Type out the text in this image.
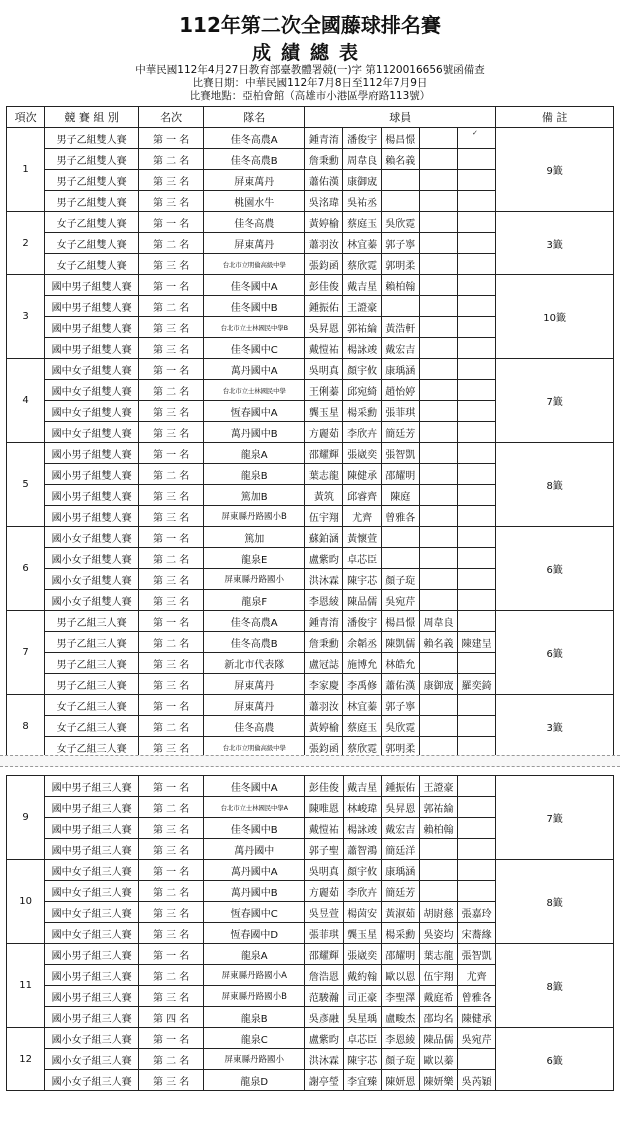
112年第二次全國藤球排名賽
成績總表
中華民國112年4月27日教育部臺教體署競(一)字 第1120016656號函備查
比賽日期：中華民國112年7月8日至112年7月9日
比賽地點：亞柏會館（高雄市小港區學府路113號）
✓
項次	競 賽 組 別	名次	隊名	球員					備 註
1	男子乙組雙人賽	第 一 名	佳冬高農A	鍾青淯	潘俊宇	楊昌憬			9籤
	男子乙組雙人賽	第 二 名	佳冬高農B	詹秉勳	周韋良	賴名義			
	男子乙組雙人賽	第 三 名	屏東萬丹	蕭佑漢	康御宬				
	男子乙組雙人賽	第 三 名	桃園水牛	吳洺瑋	吳祐丞				
2	女子乙組雙人賽	第 一 名	佳冬高農	黃婷榆	蔡庭玉	吳欣霓			3籤
	女子乙組雙人賽	第 二 名	屏東萬丹	蕭羽汝	林宜蓁	郭子寧			
	女子乙組雙人賽	第 三 名	台北市立明倫高級中學	張鈞函	蔡欣霓	郭明柔			
3	國中男子組雙人賽	第 一 名	佳冬國中A	彭佳俊	戴吉星	賴柏翰			10籤
	國中男子組雙人賽	第 二 名	佳冬國中B	鍾振佑	王證豪				
	國中男子組雙人賽	第 三 名	台北市立士林國民中學B	吳昇恩	郭祐綸	黃浩軒			
	國中男子組雙人賽	第 三 名	佳冬國中C	戴愷祐	楊詠竣	戴宏吉			
4	國中女子組雙人賽	第 一 名	萬丹國中A	吳明真	顏宇攸	康瑀涵			7籤
	國中女子組雙人賽	第 二 名	台北市立士林國民中學	王俐蓁	邱宛綺	趙怡婷			
	國中女子組雙人賽	第 三 名	恆春國中A	龔玉星	楊采勳	張菲琪			
	國中女子組雙人賽	第 三 名	萬丹國中B	方麗茹	李欣卉	簡廷芳			
5	國小男子組雙人賽	第 一 名	龍泉A	邵耀輝	張崴奕	張智凱			8籤
	國小男子組雙人賽	第 二 名	龍泉B	葉志龍	陳健承	邵耀明			
	國小男子組雙人賽	第 三 名	篤加B	黃筑	邱睿齊	陳庭			
	國小男子組雙人賽	第 三 名	屏東縣丹路國小B	伍宇翔	尤齊	曾雅各			
6	國小女子組雙人賽	第 一 名	篤加	蘇鉑涵	黃懷萱				6籤
	國小女子組雙人賽	第 二 名	龍泉E	盧紫昀	卓芯臣				
	國小女子組雙人賽	第 三 名	屏東縣丹路國小	洪沐霖	陳宇芯	顏子琁			
	國小女子組雙人賽	第 三 名	龍泉F	李恩綾	陳品儒	吳宛芹			
7	男子乙組三人賽	第 一 名	佳冬高農A	鍾青淯	潘俊宇	楊昌憬	周韋良		6籤
	男子乙組三人賽	第 二 名	佳冬高農B	詹秉勳	余韜丞	陳凱儒	賴名義	陳建呈	
	男子乙組三人賽	第 三 名	新北市代表隊	盧冠誌	施博允	林皓允			
	男子乙組三人賽	第 三 名	屏東萬丹	李家慶	李禹修	蕭佑漢	康御宬	羅奕錡	
8	女子乙組三人賽	第 一 名	屏東萬丹	蕭羽汝	林宜蓁	郭子寧			3籤
	女子乙組三人賽	第 二 名	佳冬高農	黃婷榆	蔡庭玉	吳欣霓			
	女子乙組三人賽	第 三 名	台北市立明倫高級中學	張鈞函	蔡欣霓	郭明柔			
9	國中男子組三人賽	第 一 名	佳冬國中A	彭佳俊	戴吉星	鍾振佑	王證豪		7籤
	國中男子組三人賽	第 二 名	台北市立士林國民中學A	陳唯恩	林峻瑋	吳昇恩	郭祐綸		
	國中男子組三人賽	第 三 名	佳冬國中B	戴愷祐	楊詠竣	戴宏吉	賴柏翰		
	國中男子組三人賽	第 三 名	萬丹國中	郭子聖	蕭智鴻	簡廷洋			
10	國中女子組三人賽	第 一 名	萬丹國中A	吳明真	顏宇攸	康瑀涵			8籤
	國中女子組三人賽	第 二 名	萬丹國中B	方麗茹	李欣卉	簡廷芳			
	國中女子組三人賽	第 三 名	恆春國中C	吳昱萱	楊茵安	黃淑茹	胡尉慈	張嘉玲	
	國中女子組三人賽	第 三 名	恆春國中D	張菲琪	龔玉星	楊采勳	吳姿均	宋蕎緣	
11	國小男子組三人賽	第 一 名	龍泉A	邵耀輝	張崴奕	邵耀明	葉志龍	張智凱	8籤
	國小男子組三人賽	第 二 名	屏東縣丹路國小A	詹浩恩	戴約翰	歐以恩	伍宇翔	尤齊	
	國小男子組三人賽	第 三 名	屏東縣丹路國小B	范駿瀚	司正豪	李聖澤	戴庭希	曾雅各	
	國小男子組三人賽	第 四 名	龍泉B	吳彥融	吳星瑀	盧畯杰	邵均名	陳健承	
12	國小女子組三人賽	第 一 名	龍泉C	盧紫昀	卓芯臣	李恩綾	陳品儒	吳宛芹	6籤
	國小女子組三人賽	第 二 名	屏東縣丹路國小	洪沐霖	陳宇芯	顏子琁	歐以蓁		
	國小女子組三人賽	第 三 名	龍泉D	謝亭瑩	李宜臻	陳妍恩	陳妍樂	吳芮穎	
